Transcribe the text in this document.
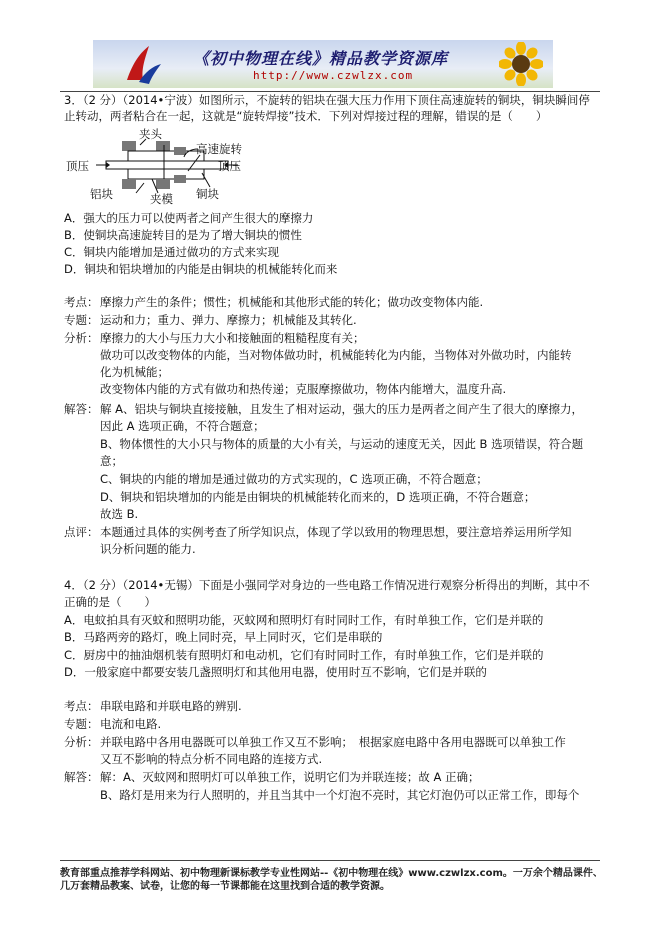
《初中物理在线》精品教学资源库
http://www.czwlzx.com
3．（2 分）（2014•宁波）如图所示，不旋转的铝块在强大压力作用下顶住高速旋转的铜块，铜块瞬间停
止转动，两者粘合在一起，这就是“旋转焊接”技术．下列对焊接过程的理解，错误的是（　　）
夹头
高速旋转
顶压	顶压
铝块	夹模 铜块
A．强大的压力可以使两者之间产生很大的摩擦力
B．使铜块高速旋转目的是为了增大铜块的惯性
C．铜块内能增加是通过做功的方式来实现
D．铜块和铝块增加的内能是由铜块的机械能转化而来
考点： 摩擦力产生的条件；惯性；机械能和其他形式能的转化；做功改变物体内能.
专题： 运动和力；重力、弹力、摩擦力；机械能及其转化.
分析： 摩擦力的大小与压力大小和接触面的粗糙程度有关；
做功可以改变物体的内能，当对物体做功时，机械能转化为内能，当物体对外做功时，内能转
化为机械能；
改变物体内能的方式有做功和热传递；克服摩擦做功，物体内能增大，温度升高.
解答： 解 A、铝块与铜块直接接触，且发生了相对运动，强大的压力是两者之间产生了很大的摩擦力，
因此 A 选项正确，不符合题意；
B、物体惯性的大小只与物体的质量的大小有关，与运动的速度无关，因此 B 选项错误，符合题
意；
C、铜块的内能的增加是通过做功的方式实现的，C 选项正确，不符合题意；
D、铜块和铝块增加的内能是由铜块的机械能转化而来的，D 选项正确，不符合题意；
故选 B.
点评： 本题通过具体的实例考查了所学知识点，体现了学以致用的物理思想，要注意培养运用所学知
识分析问题的能力.
4．（2 分）（2014•无锡）下面是小强同学对身边的一些电路工作情况进行观察分析得出的判断，其中不
正确的是（　　）
A．电蚊拍具有灭蚊和照明功能，灭蚊网和照明灯有时同时工作，有时单独工作，它们是并联的
B．马路两旁的路灯，晚上同时亮，早上同时灭，它们是串联的
C．厨房中的抽油烟机装有照明灯和电动机，它们有时同时工作，有时单独工作，它们是并联的
D．一般家庭中都要安装几盏照明灯和其他用电器，使用时互不影响，它们是并联的
考点： 串联电路和并联电路的辨别.
专题： 电流和电路.
分析： 并联电路中各用电器既可以单独工作又互不影响；　根据家庭电路中各用电器既可以单独工作
又互不影响的特点分析不同电路的连接方式.
解答： 解：A、灭蚊网和照明灯可以单独工作，说明它们为并联连接；故 A 正确；
B、路灯是用来为行人照明的，并且当其中一个灯泡不亮时，其它灯泡仍可以正常工作，即每个
教育部重点推荐学科网站、初中物理新课标教学专业性网站--《初中物理在线》www.czwlzx.com。一万余个精品课件、
几万套精品教案、试卷，让您的每一节课都能在这里找到合适的教学资源。
